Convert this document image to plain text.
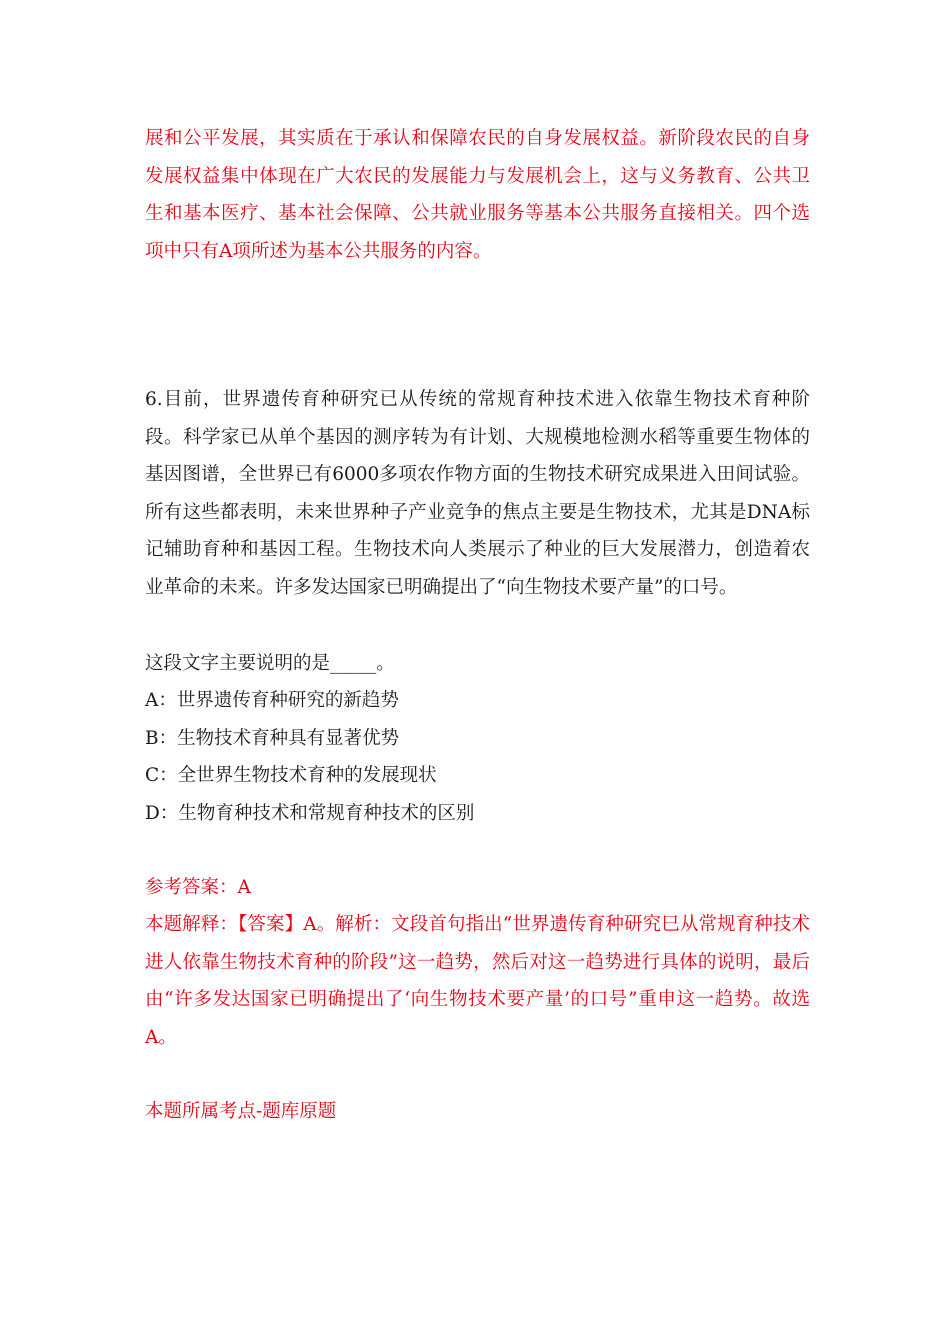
展和公平发展，其实质在于承认和保障农民的自身发展权益。新阶段农民的自身发展权益集中体现在广大农民的发展能力与发展机会上，这与义务教育、公共卫生和基本医疗、基本社会保障、公共就业服务等基本公共服务直接相关。四个选项中只有A项所述为基本公共服务的内容。

6.目前，世界遗传育种研究已从传统的常规育种技术进入依靠生物技术育种阶段。科学家已从单个基因的测序转为有计划、大规模地检测水稻等重要生物体的基因图谱，全世界已有6000多项农作物方面的生物技术研究成果进入田间试验。所有这些都表明，未来世界种子产业竞争的焦点主要是生物技术，尤其是DNA标记辅助育种和基因工程。生物技术向人类展示了种业的巨大发展潜力，创造着农业革命的未来。许多发达国家已明确提出了“向生物技术要产量”的口号。

这段文字主要说明的是_____。

A：世界遗传育种研究的新趋势

B：生物技术育种具有显著优势

C：全世界生物技术育种的发展现状

D：生物育种技术和常规育种技术的区别

参考答案：A

本题解释：【答案】A。解析：文段首句指出“世界遗传育种研究巳从常规育种技术进人依靠生物技术育种的阶段”这一趋势，然后对这一趋势进行具体的说明，最后由“许多发达国家已明确提出了‘向生物技术要产量’的口号”重申这一趋势。故选A。

本题所属考点-题库原题
